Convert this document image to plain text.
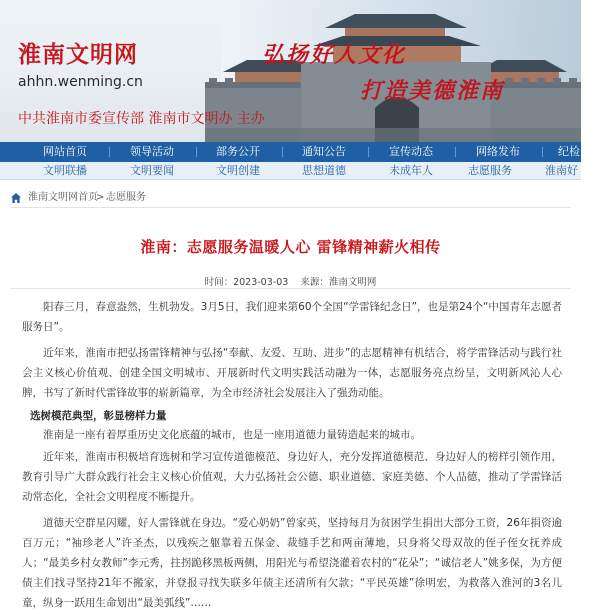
淮南文明网
ahhn.wenming.cn
中共淮南市委宣传部 淮南市文明办 主办
弘扬好人文化
打造美德淮南
网站首页	领导活动	部务公开	通知公告	宣传动态	网络发布	纪检监
文明联播	文明要闻	文明创建	思想道德	未成年人	志愿服务	淮南好
淮南文明网首页
> 志愿服务
淮南：志愿服务温暖人心 雷锋精神薪火相传
时间：2023-03-03 来源：淮南文明网

阳春三月，春意盎然，生机勃发。3月5日，我们迎来第60个全国“学雷锋纪念日”，也是第24个“中国青年志愿者服务日”。

近年来，淮南市把弘扬雷锋精神与弘扬“奉献、友爱、互助、进步”的志愿精神有机结合，将学雷锋活动与践行社会主义核心价值观、创建全国文明城市、开展新时代文明实践活动融为一体，志愿服务亮点纷呈，文明新风沁人心脾，书写了新时代雷锋故事的崭新篇章，为全市经济社会发展注入了强劲动能。

选树模范典型，彰显榜样力量

淮南是一座有着厚重历史文化底蕴的城市，也是一座用道德力量铸造起来的城市。

近年来，淮南市积极培育选树和学习宣传道德模范、身边好人，充分发挥道德模范、身边好人的榜样引领作用，教育引导广大群众践行社会主义核心价值观，大力弘扬社会公德、职业道德、家庭美德、个人品德，推动了学雷锋活动常态化，全社会文明程度不断提升。

道德天空群星闪耀，好人雷锋就在身边。“爱心奶奶”曾家英，坚持每月为贫困学生捐出大部分工资，26年捐资逾百万元；“袖珍老人”许圣杰，以残疾之躯靠着五保金、裁缝手艺和两亩薄地，只身将父母双故的侄子侄女抚养成人；“最美乡村女教师”李元秀，拄拐跪移黑板两侧，用阳光与希望浇灌着农村的“花朵”；“诚信老人”姚多保，为方便债主们找寻坚持21年不搬家，并登报寻找失联多年债主还清所有欠款；“平民英雄”徐明宏，为救落入淮河的3名儿童，纵身一跃用生命划出“最美弧线”……
